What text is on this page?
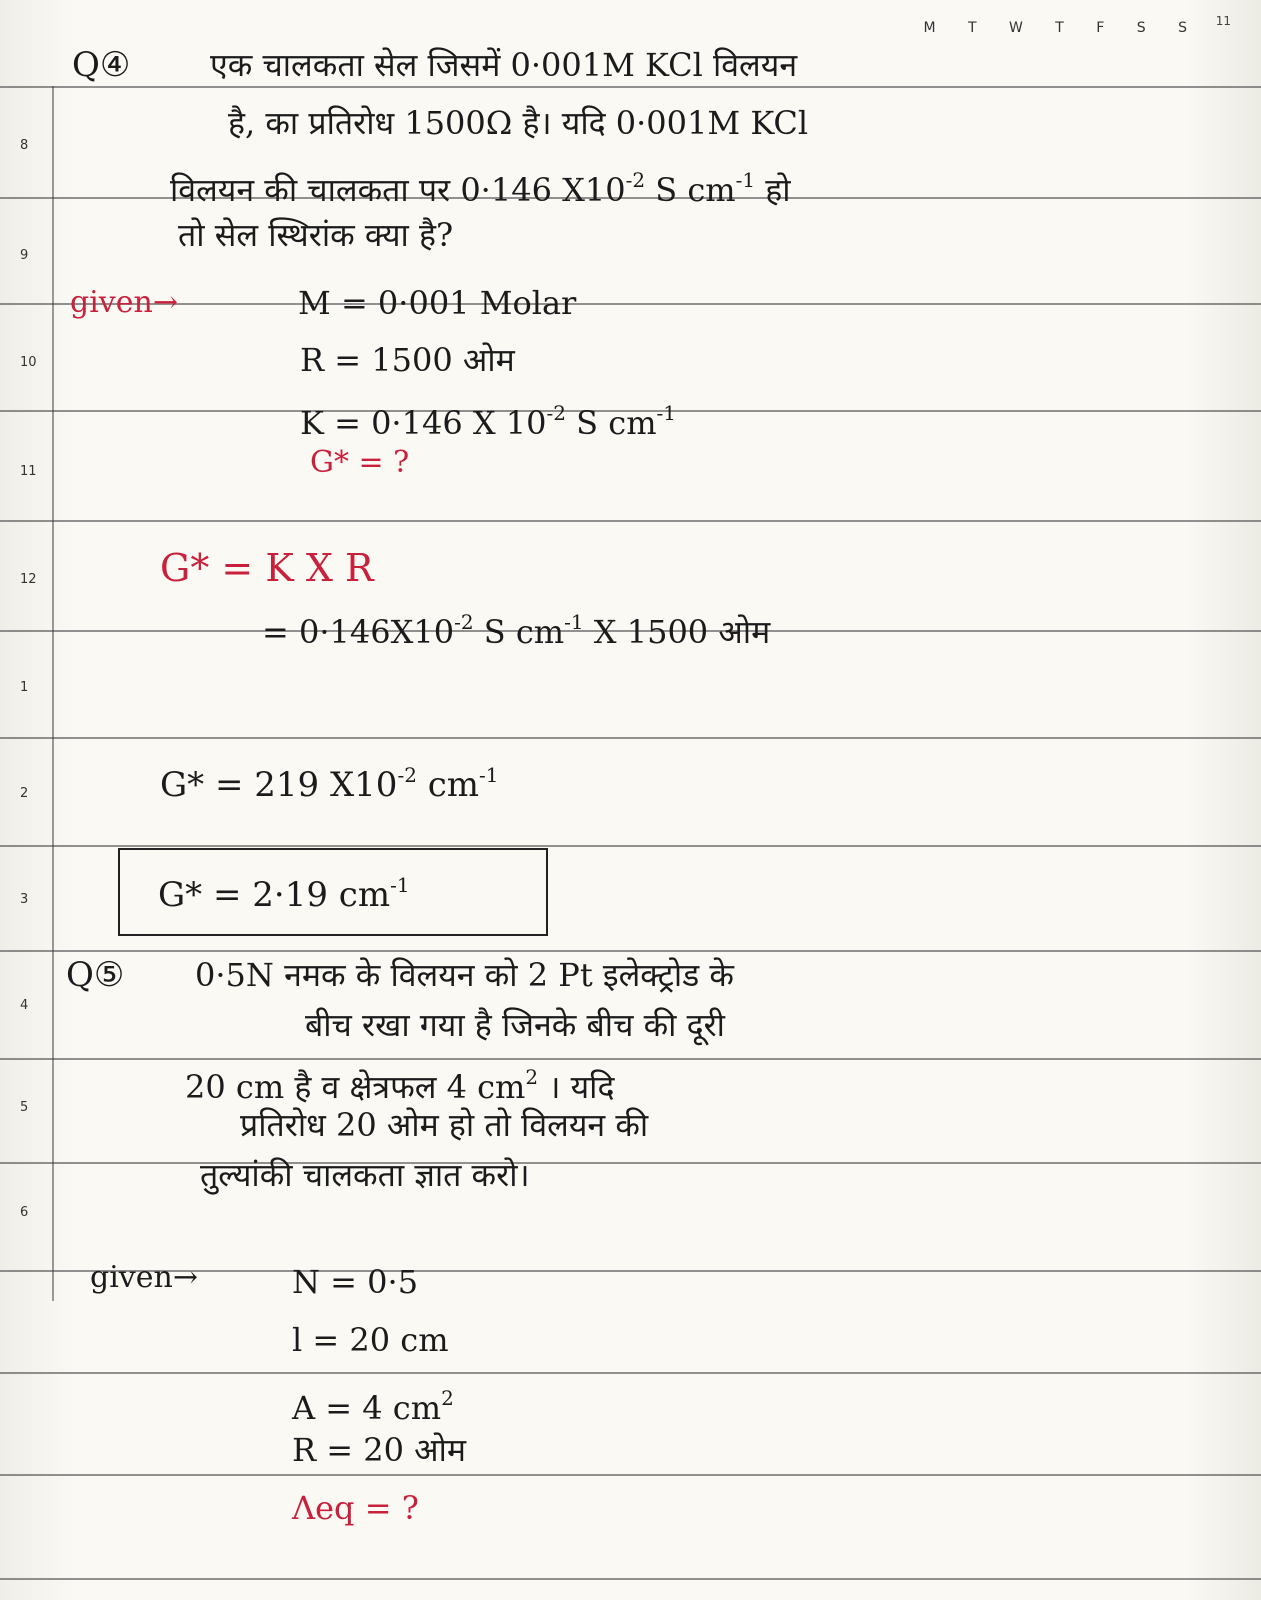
M T W T F S S 11
8
9
10
11
12
1
2
3
4
5
6
Q④ एक चालकता सेल जिसमें 0·001M KCl विलयन
है, का प्रतिरोध 1500Ω है। यदि 0·001M KCl
विलयन की चालकता पर 0·146 $X10^{-2}$ S $cm^{-1}$ हो
तो सेल स्थिरांक क्या है?
given→	M = 0·001 Molar
R = 1500 ओम
K = 0·146 X $10^{-2}$ S $cm^{-1}$
G* = ?
G* = K X R
= $0\cdot 146X10^{-2}$ S $cm^{-1}$ X 1500 ओम
G* = 219 $X10^{-2}$ $cm^{-1}$
G* = 2·19 $cm^{-1}$
Q⑤ 0·5N नमक के विलयन को 2 Pt इलेक्ट्रोड के
बीच रखा गया है जिनके बीच की दूरी
20 cm है व क्षेत्रफल 4 $cm^2$ । यदि
प्रतिरोध 20 ओम हो तो विलयन की
तुल्यांकी चालकता ज्ञात करो।
given→	N = 0·5
l = 20 cm
A = 4 $cm^2$
R = 20 ओम
Λeq = ?
